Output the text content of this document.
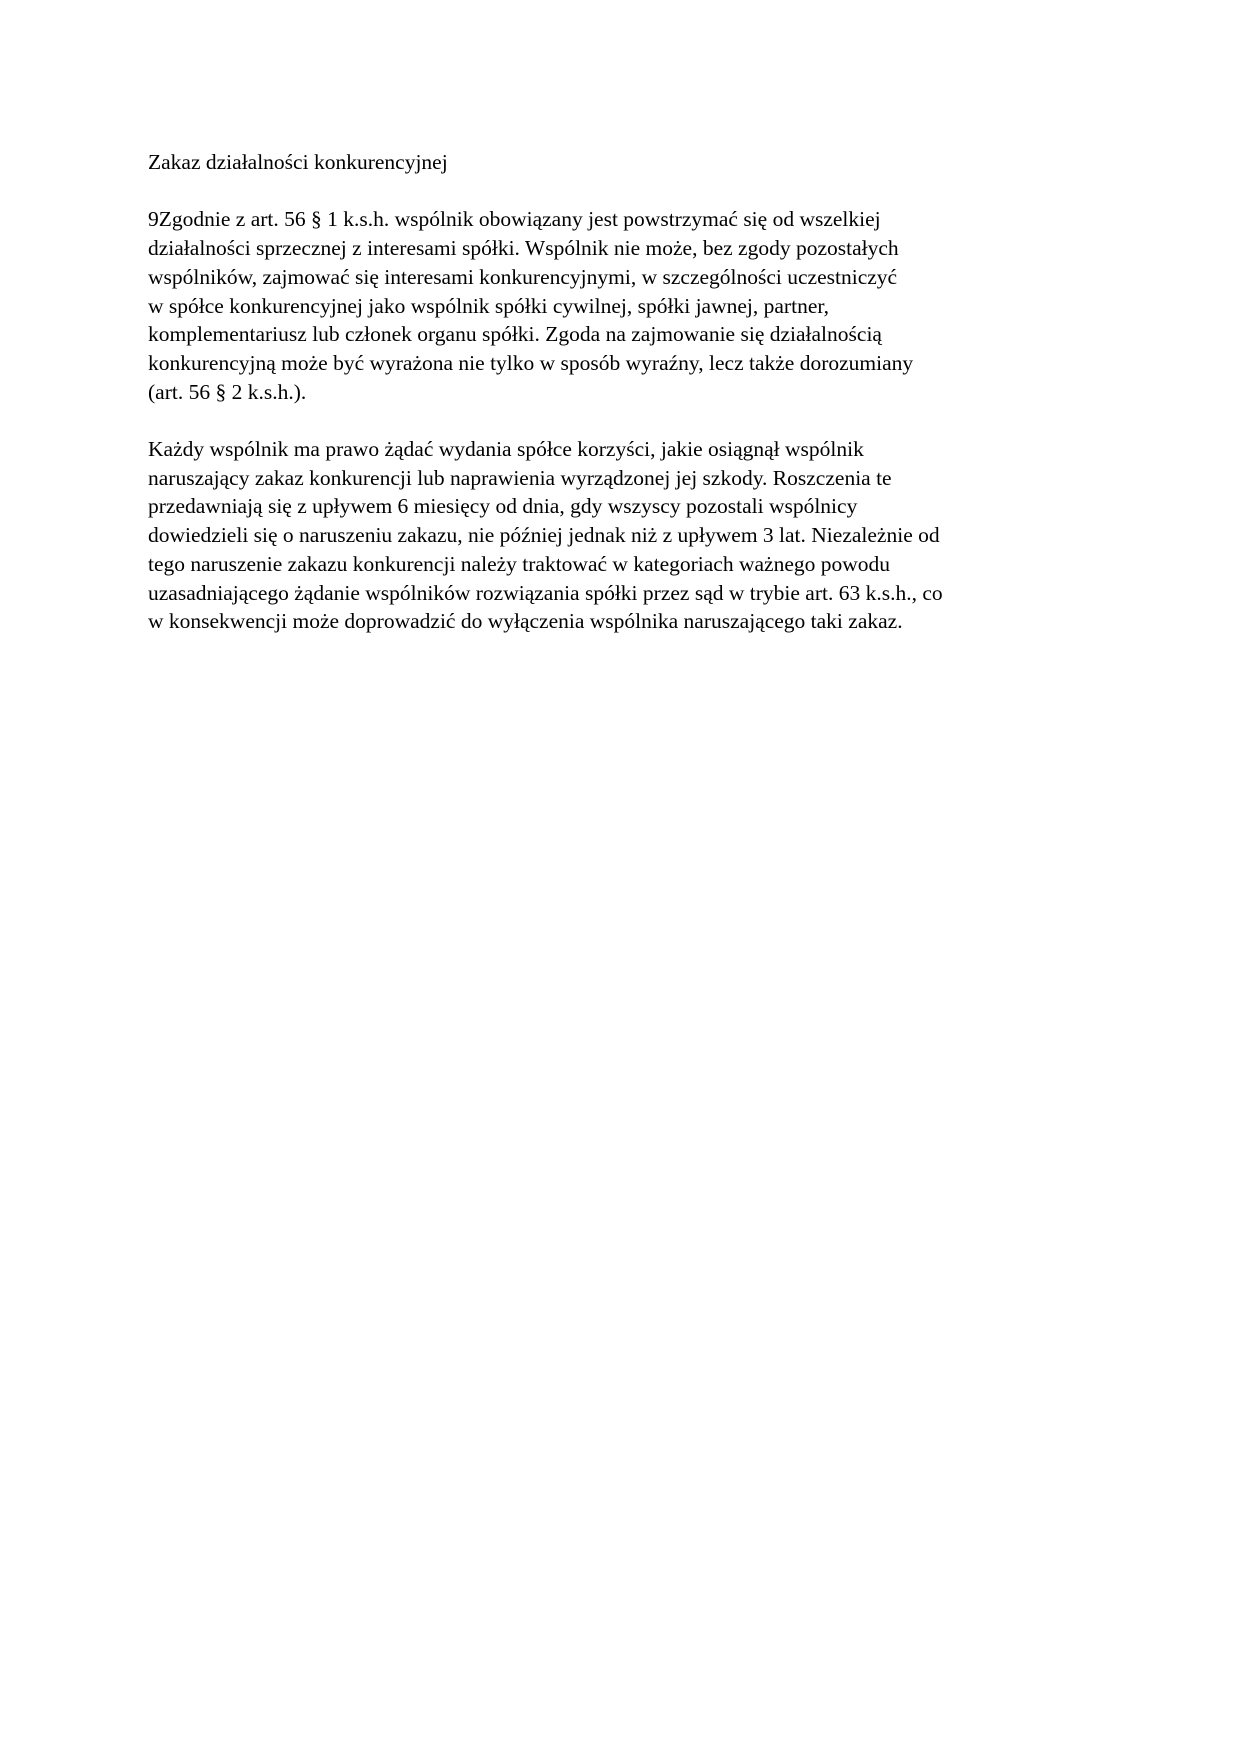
Zakaz działalności konkurencyjnej
9Zgodnie z art. 56 § 1 k.s.h. wspólnik obowiązany jest powstrzymać się od wszelkiej
działalności sprzecznej z interesami spółki. Wspólnik nie może, bez zgody pozostałych
wspólników, zajmować się interesami konkurencyjnymi, w szczególności uczestniczyć
w spółce konkurencyjnej jako wspólnik spółki cywilnej, spółki jawnej, partner,
komplementariusz lub członek organu spółki. Zgoda na zajmowanie się działalnością
konkurencyjną może być wyrażona nie tylko w sposób wyraźny, lecz także dorozumiany
(art. 56 § 2 k.s.h.).
Każdy wspólnik ma prawo żądać wydania spółce korzyści, jakie osiągnął wspólnik
naruszający zakaz konkurencji lub naprawienia wyrządzonej jej szkody. Roszczenia te
przedawniają się z upływem 6 miesięcy od dnia, gdy wszyscy pozostali wspólnicy
dowiedzieli się o naruszeniu zakazu, nie później jednak niż z upływem 3 lat. Niezależnie od
tego naruszenie zakazu konkurencji należy traktować w kategoriach ważnego powodu
uzasadniającego żądanie wspólników rozwiązania spółki przez sąd w trybie art. 63 k.s.h., co
w konsekwencji może doprowadzić do wyłączenia wspólnika naruszającego taki zakaz.
